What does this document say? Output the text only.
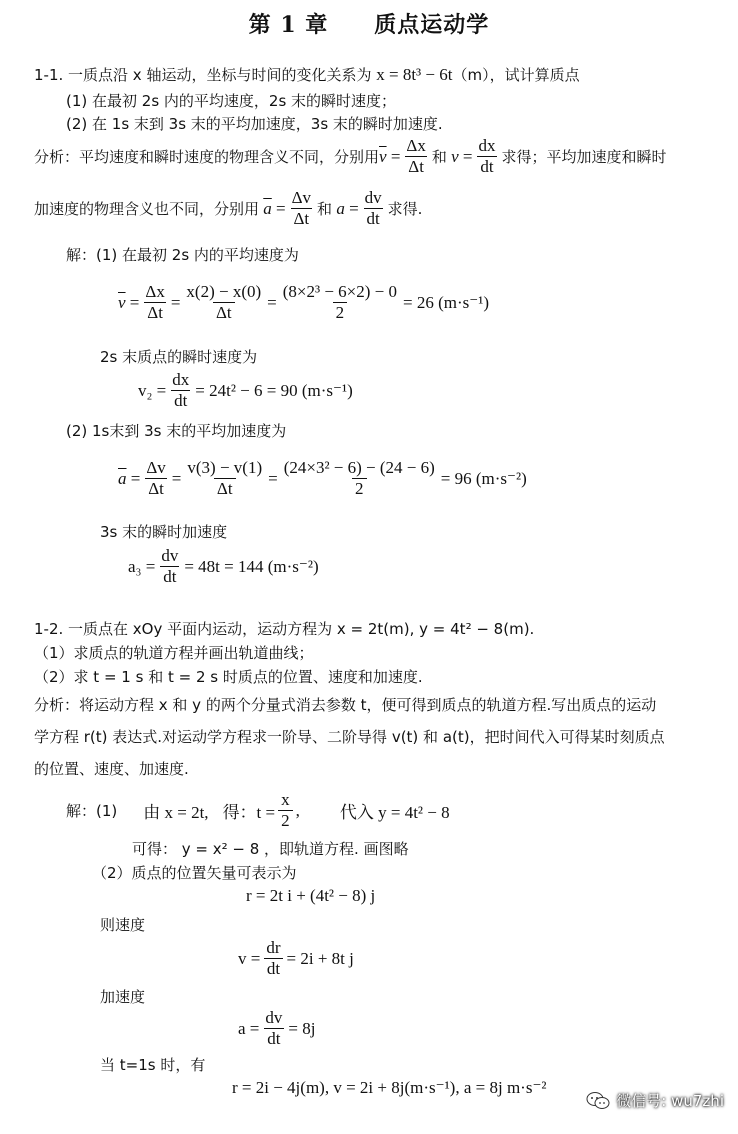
第 1 章　　质点运动学
1-1. 一质点沿 x 轴运动，坐标与时间的变化关系为 x = 8t³ − 6t（m），试计算质点
(1) 在最初 2s 内的平均速度，2s 末的瞬时速度；
(2) 在 1s 末到 3s 末的平均加速度，3s 末的瞬时加速度.
分析：平均速度和瞬时速度的物理含义不同，分别用 $\overline{v} = \frac{\Delta x}{\Delta t}$ 和 $v = \frac{dx}{dt}$ 求得；平均加速度和瞬时
加速度的物理含义也不同，分别用 $\overline{a} = \frac{\Delta v}{\Delta t}$ 和 $a = \frac{dv}{dt}$ 求得.
解：(1) 在最初 2s 内的平均速度为
$\overline{v} = \frac{\Delta x}{\Delta t} = \frac{x(2) - x(0)}{\Delta t} = \frac{\text{(8×2³ − 6×2) − 0}}{2} = 26$ (m·s⁻¹)
2s 末质点的瞬时速度为
$v_2 = \frac{dx}{dt} = 24t^2 - 6 = 90$ (m·s⁻¹)
(2) 1s末到 3s 末的平均加速度为
$\overline{a} = \frac{\Delta v}{\Delta t} = \frac{v(3) - v(1)}{\Delta t} = \frac{\text{(24×3² − 6) − (24 − 6)}}{2} = 96$ (m·s⁻²)
3s 末的瞬时加速度
$a_3 = \frac{dv}{dt} = 48t = 144$ (m·s⁻²)
1-2. 一质点在 xOy 平面内运动，运动方程为 x = 2t(m), y = 4t² − 8(m).
（1）求质点的轨道方程并画出轨道曲线；
（2）求 t = 1 s 和 t = 2 s 时质点的位置、速度和加速度.
分析：将运动方程 x 和 y 的两个分量式消去参数 t，便可得到质点的轨道方程.写出质点的运动
学方程 r(t) 表达式.对运动学方程求一阶导、二阶导得 v(t) 和 a(t)，把时间代入可得某时刻质点
的位置、速度、加速度.
解：(1) 由 x = 2t, 得：$t = \frac{x}{2}$ , 代入 y = 4t² − 8
可得： y = x² − 8 ，即轨道方程. 画图略
（2）质点的位置矢量可表示为
r = 2t i + (4t² − 8) j
则速度
$v = \frac{dr}{dt} = 2i + 8t$ j
加速度
$a = \frac{dv}{dt} = 8j$
当 t=1s 时，有
r = 2i − 4j(m), v = 2i + 8j(m·s⁻¹), a = 8j m·s⁻²
微信号: wu7zhi
